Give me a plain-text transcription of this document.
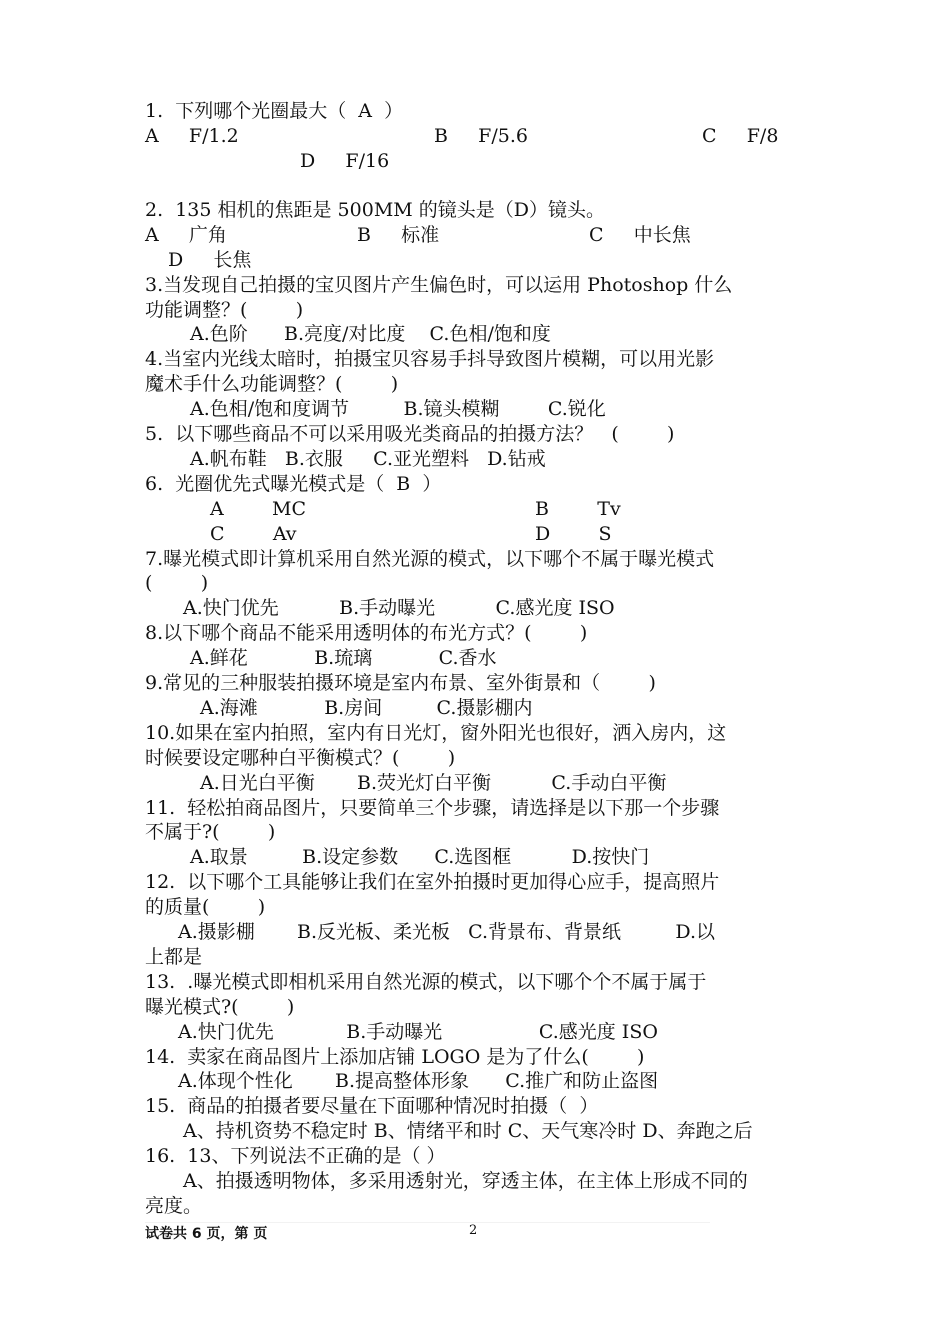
1.  下列哪个光圈最大（  A  ）
A     F/1.2	B     F/5.6	C     F/8
D     F/16
2.  135 相机的焦距是 500MM 的镜头是（D）镜头。
A     广角	B     标准	C     中长焦
D     长焦
3.当发现自己拍摄的宝贝图片产生偏色时，可以运用 Photoshop 什么
功能调整？(        )
A.色阶      B.亮度/对比度    C.色相/饱和度
4.当室内光线太暗时，拍摄宝贝容易手抖导致图片模糊，可以用光影
魔术手什么功能调整？(        )
A.色相/饱和度调节         B.镜头模糊        C.锐化
5.  以下哪些商品不可以采用吸光类商品的拍摄方法？   (        )
A.帆布鞋   B.衣服     C.亚光塑料   D.钻戒
6.  光圈优先式曝光模式是（  B  ）
A        MC	B        Tv
C        Av	D        S
7.曝光模式即计算机采用自然光源的模式，以下哪个不属于曝光模式
(        )
A.快门优先          B.手动曝光          C.感光度 ISO
8.以下哪个商品不能采用透明体的布光方式？(        )
A.鲜花           B.琉璃           C.香水
9.常见的三种服装拍摄环境是室内布景、室外街景和（        )
A.海滩           B.房间         C.摄影棚内
10.如果在室内拍照，室内有日光灯，窗外阳光也很好，洒入房内，这
时候要设定哪种白平衡模式？(        )
A.日光白平衡       B.荧光灯白平衡          C.手动白平衡
11.  轻松拍商品图片，只要简单三个步骤，请选择是以下那一个步骤
不属于?(        )
A.取景         B.设定参数      C.选图框          D.按快门
12.  以下哪个工具能够让我们在室外拍摄时更加得心应手，提高照片
的质量(        )
A.摄影棚       B.反光板、柔光板   C.背景布、背景纸         D.以
上都是
13.  .曝光模式即相机采用自然光源的模式，以下哪个个不属于属于
曝光模式?(        )
A.快门优先            B.手动曝光                C.感光度 ISO
14.  卖家在商品图片上添加店铺 LOGO 是为了什么(        )
A.体现个性化       B.提高整体形象      C.推广和防止盗图
15.  商品的拍摄者要尽量在下面哪种情况时拍摄（  ）
A、持机资势不稳定时 B、情绪平和时 C、天气寒冷时 D、奔跑之后
16.  13、下列说法不正确的是（ ）
A、拍摄透明物体，多采用透射光，穿透主体，在主体上形成不同的
亮度。
试卷共 6 页，第 页	2
